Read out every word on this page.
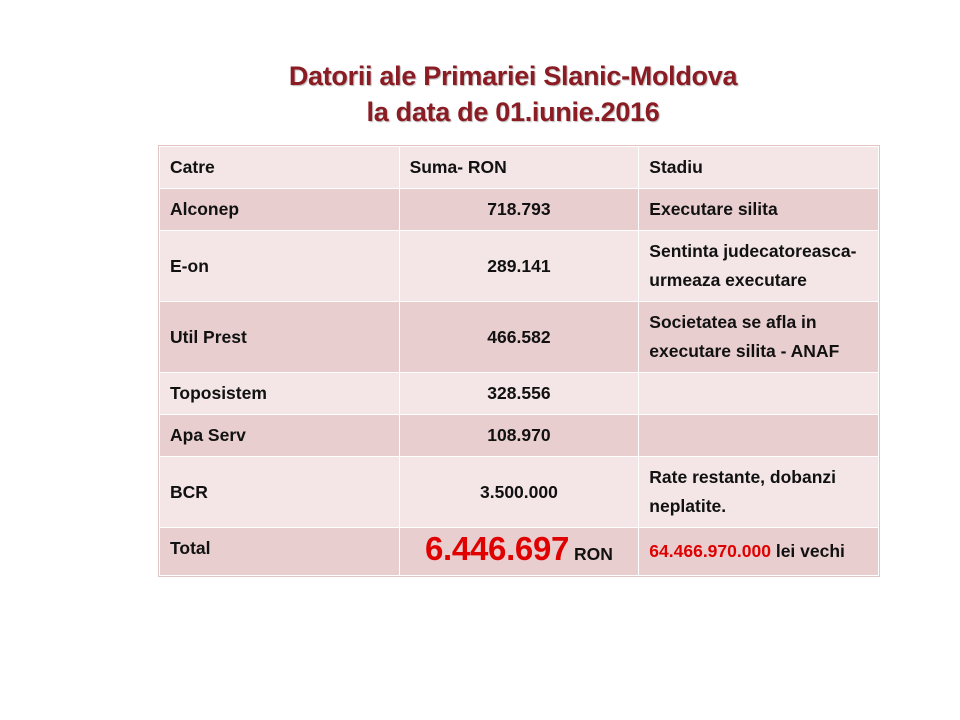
Datorii ale Primariei Slanic-Moldova
la data de 01.iunie.2016
Catre	Suma- RON	Stadiu
Alconep	718.793	Executare silita
E-on	289.141	Sentinta judecatoreasca- urmeaza executare
Util Prest	466.582	Societatea se afla in executare silita - ANAF
Toposistem	328.556	
Apa Serv	108.970	
BCR	3.500.000	Rate restante, dobanzi neplatite.
Total	6.446.697 RON	64.466.970.000 lei vechi
